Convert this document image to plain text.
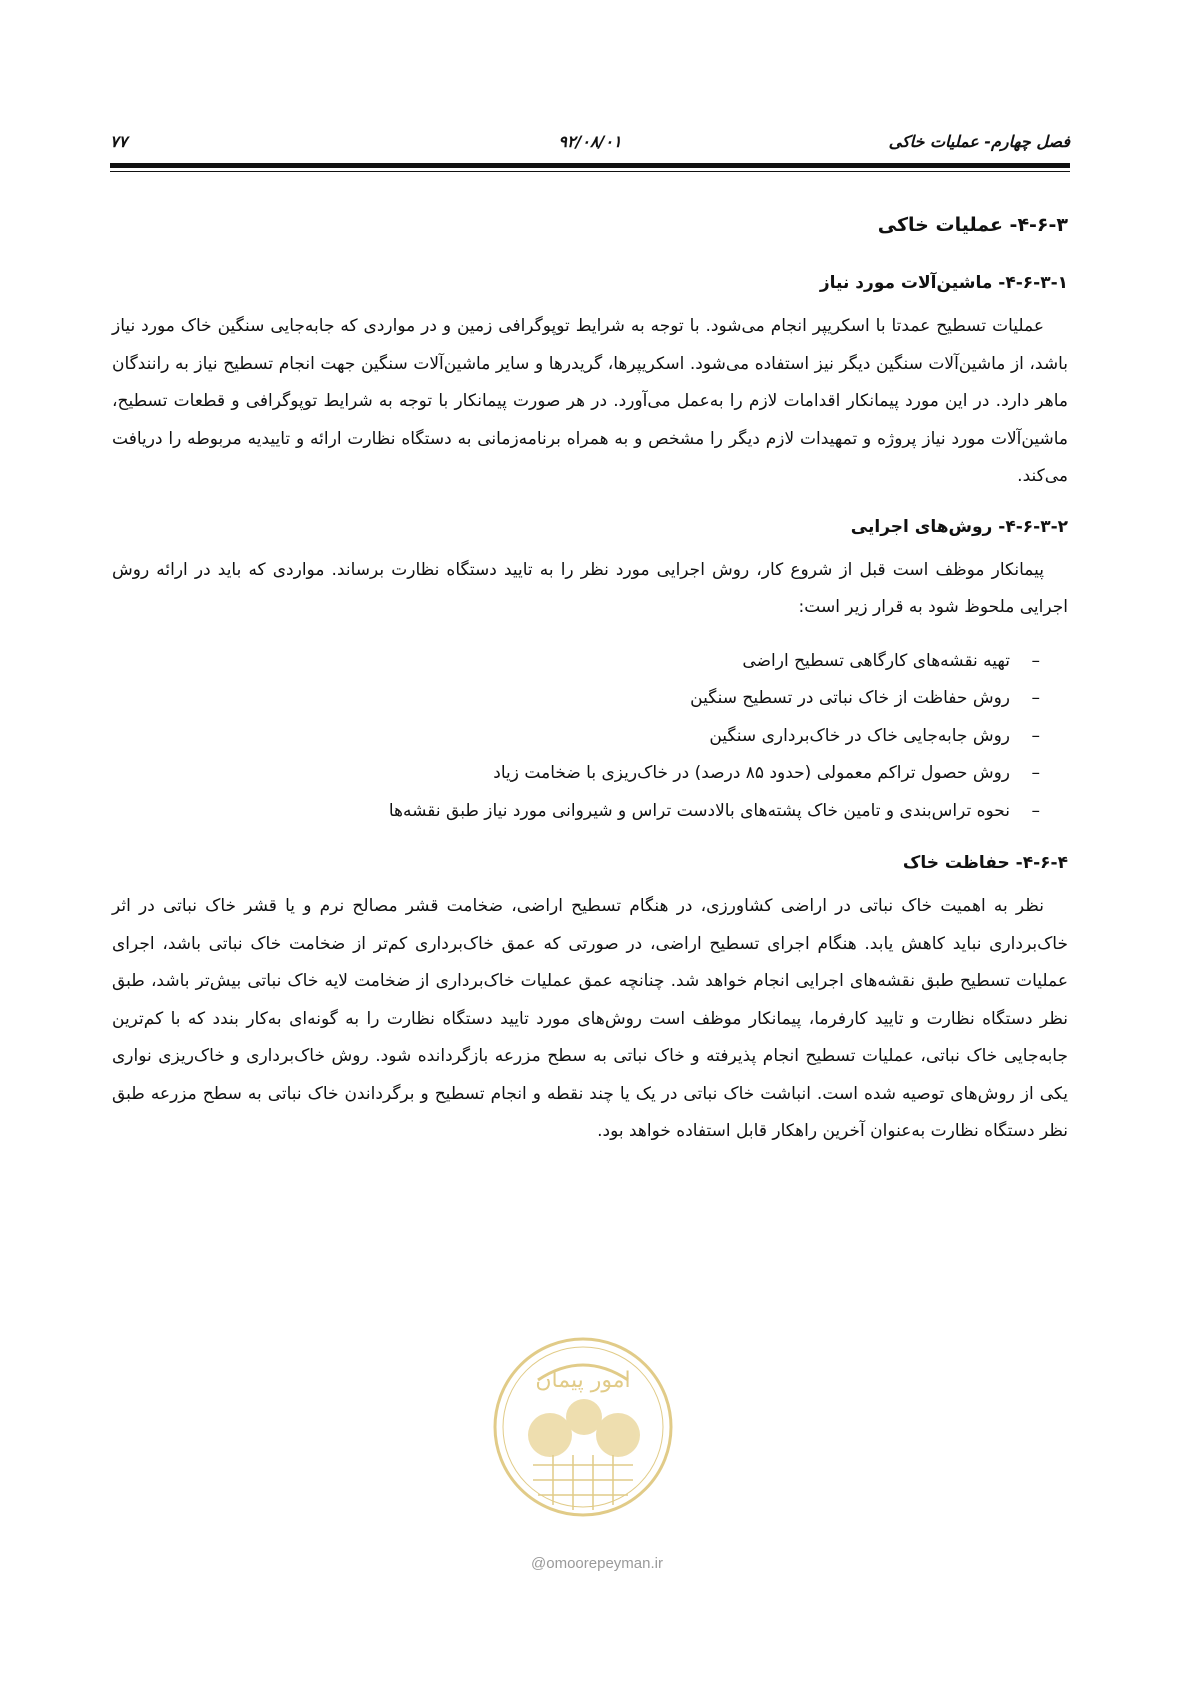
فصل چهارم- عملیات خاکی
۹۲/۰۸/۰۱
۷۷
۴-۶-۳- عملیات خاکی
۴-۶-۳-۱- ماشین‌آلات مورد نیاز

عملیات تسطیح عمدتا با اسکریپر انجام می‌شود. با توجه به شرایط توپوگرافی زمین و در مواردی که جابه‌جایی سنگین خاک مورد نیاز باشد، از ماشین‌آلات سنگین دیگر نیز استفاده می‌شود. اسکریپرها، گریدرها و سایر ماشین‌آلات سنگین جهت انجام تسطیح نیاز به رانندگان ماهر دارد. در این مورد پیمانکار اقدامات لازم را به‌عمل می‌آورد. در هر صورت پیمانکار با توجه به شرایط توپوگرافی و قطعات تسطیح، ماشین‌آلات مورد نیاز پروژه و تمهیدات لازم دیگر را مشخص و به همراه برنامه‌زمانی به دستگاه نظارت ارائه و تاییدیه مربوطه را دریافت می‌کند.

۴-۶-۳-۲- روش‌های اجرایی

پیمانکار موظف است قبل از شروع کار، روش اجرایی مورد نظر را به تایید دستگاه نظارت برساند. مواردی که باید در ارائه روش اجرایی ملحوظ شود به قرار زیر است:

–
تهیه نقشه‌های کارگاهی تسطیح اراضی
–
روش حفاظت از خاک نباتی در تسطیح سنگین
–
روش جابه‌جایی خاک در خاک‌برداری سنگین
–
روش حصول تراکم معمولی (حدود ۸۵ درصد) در خاک‌ریزی با ضخامت زیاد
–
نحوه تراس‌بندی و تامین خاک پشته‌های بالادست تراس و شیروانی مورد نیاز طبق نقشه‌ها
۴-۶-۴- حفاظت خاک

نظر به اهمیت خاک نباتی در اراضی کشاورزی، در هنگام تسطیح اراضی، ضخامت قشر مصالح نرم و یا قشر خاک نباتی در اثر خاک‌برداری نباید کاهش یابد. هنگام اجرای تسطیح اراضی، در صورتی که عمق خاک‌برداری کم‌تر از ضخامت خاک نباتی باشد، اجرای عملیات تسطیح طبق نقشه‌های اجرایی انجام خواهد شد. چنانچه عمق عملیات خاک‌برداری از ضخامت لایه خاک نباتی بیش‌تر باشد، طبق نظر دستگاه نظارت و تایید کارفرما، پیمانکار موظف است روش‌های مورد تایید دستگاه نظارت را به گونه‌ای به‌کار بندد که با کم‌ترین جابه‌جایی خاک نباتی، عملیات تسطیح انجام پذیرفته و خاک نباتی به سطح مزرعه بازگردانده شود. روش خاک‌برداری و خاک‌ریزی نواری یکی از روش‌های توصیه شده است. انباشت خاک نباتی در یک یا چند نقطه و انجام تسطیح و برگرداندن خاک نباتی به سطح مزرعه طبق نظر دستگاه نظارت به‌عنوان آخرین راهکار قابل استفاده خواهد بود.

امور پیمان
@omoorepeyman.ir
